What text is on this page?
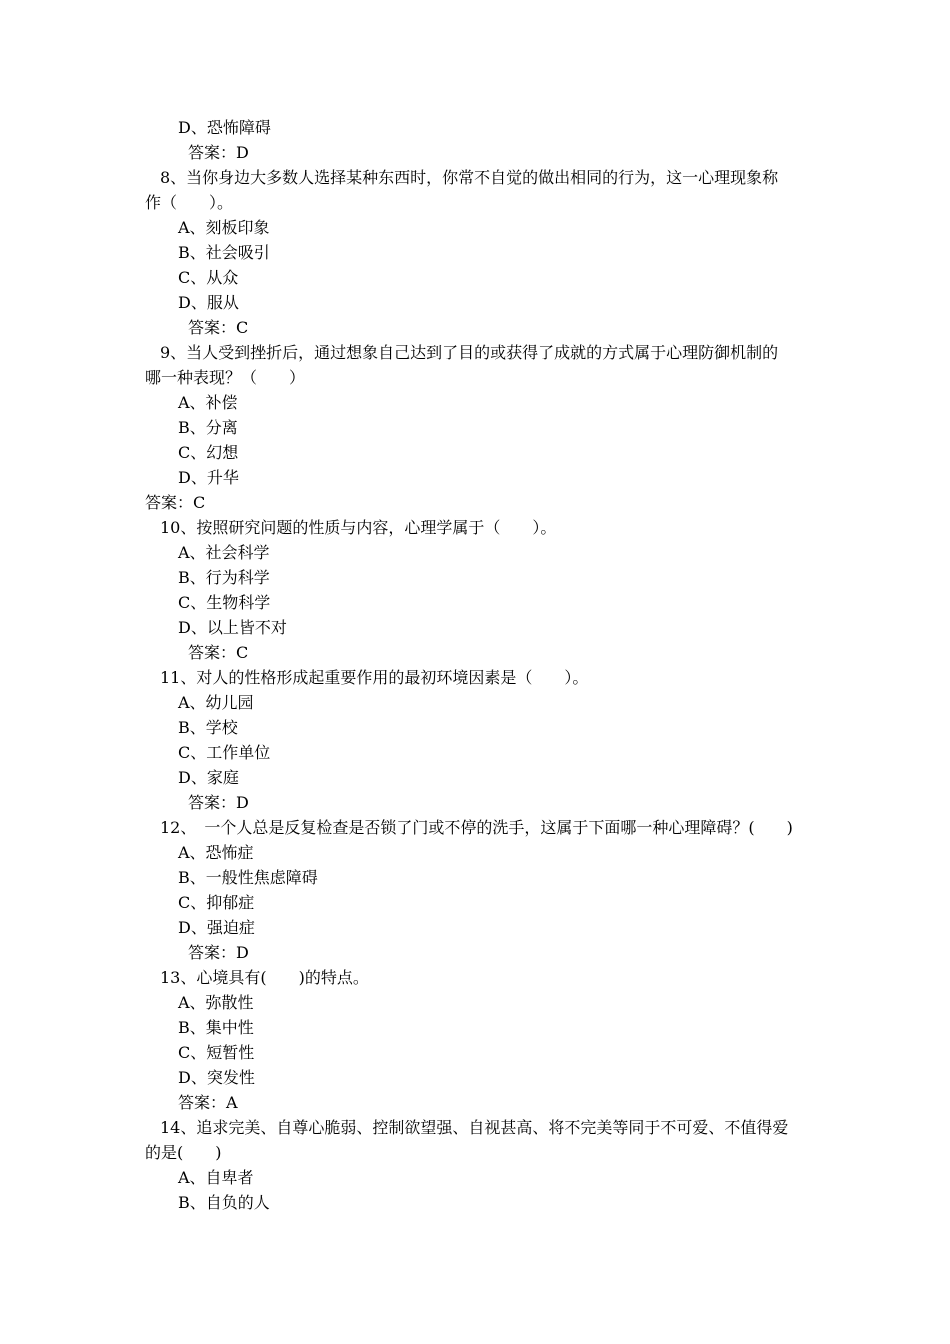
D、恐怖障碍
答案：D
8、当你身边大多数人选择某种东西时，你常不自觉的做出相同的行为，这一心理现象称
作（　　）。
A、刻板印象
B、社会吸引
C、从众
D、服从
答案：C
9、当人受到挫折后，通过想象自己达到了目的或获得了成就的方式属于心理防御机制的
哪一种表现？（　　）
A、补偿
B、分离
C、幻想
D、升华
答案：C
10、按照研究问题的性质与内容，心理学属于（　　）。
A、社会科学
B、行为科学
C、生物科学
D、以上皆不对
答案：C
11、对人的性格形成起重要作用的最初环境因素是（　　）。
A、幼儿园
B、学校
C、工作单位
D、家庭
答案：D
12、　一个人总是反复检查是否锁了门或不停的洗手，这属于下面哪一种心理障碍？(　　)
A、恐怖症
B、一般性焦虑障碍
C、抑郁症
D、强迫症
答案：D
13、心境具有(　　)的特点。
A、弥散性
B、集中性
C、短暂性
D、突发性
答案：A
14、追求完美、自尊心脆弱、控制欲望强、自视甚高、将不完美等同于不可爱、不值得爱
的是(　　)
A、自卑者
B、自负的人
